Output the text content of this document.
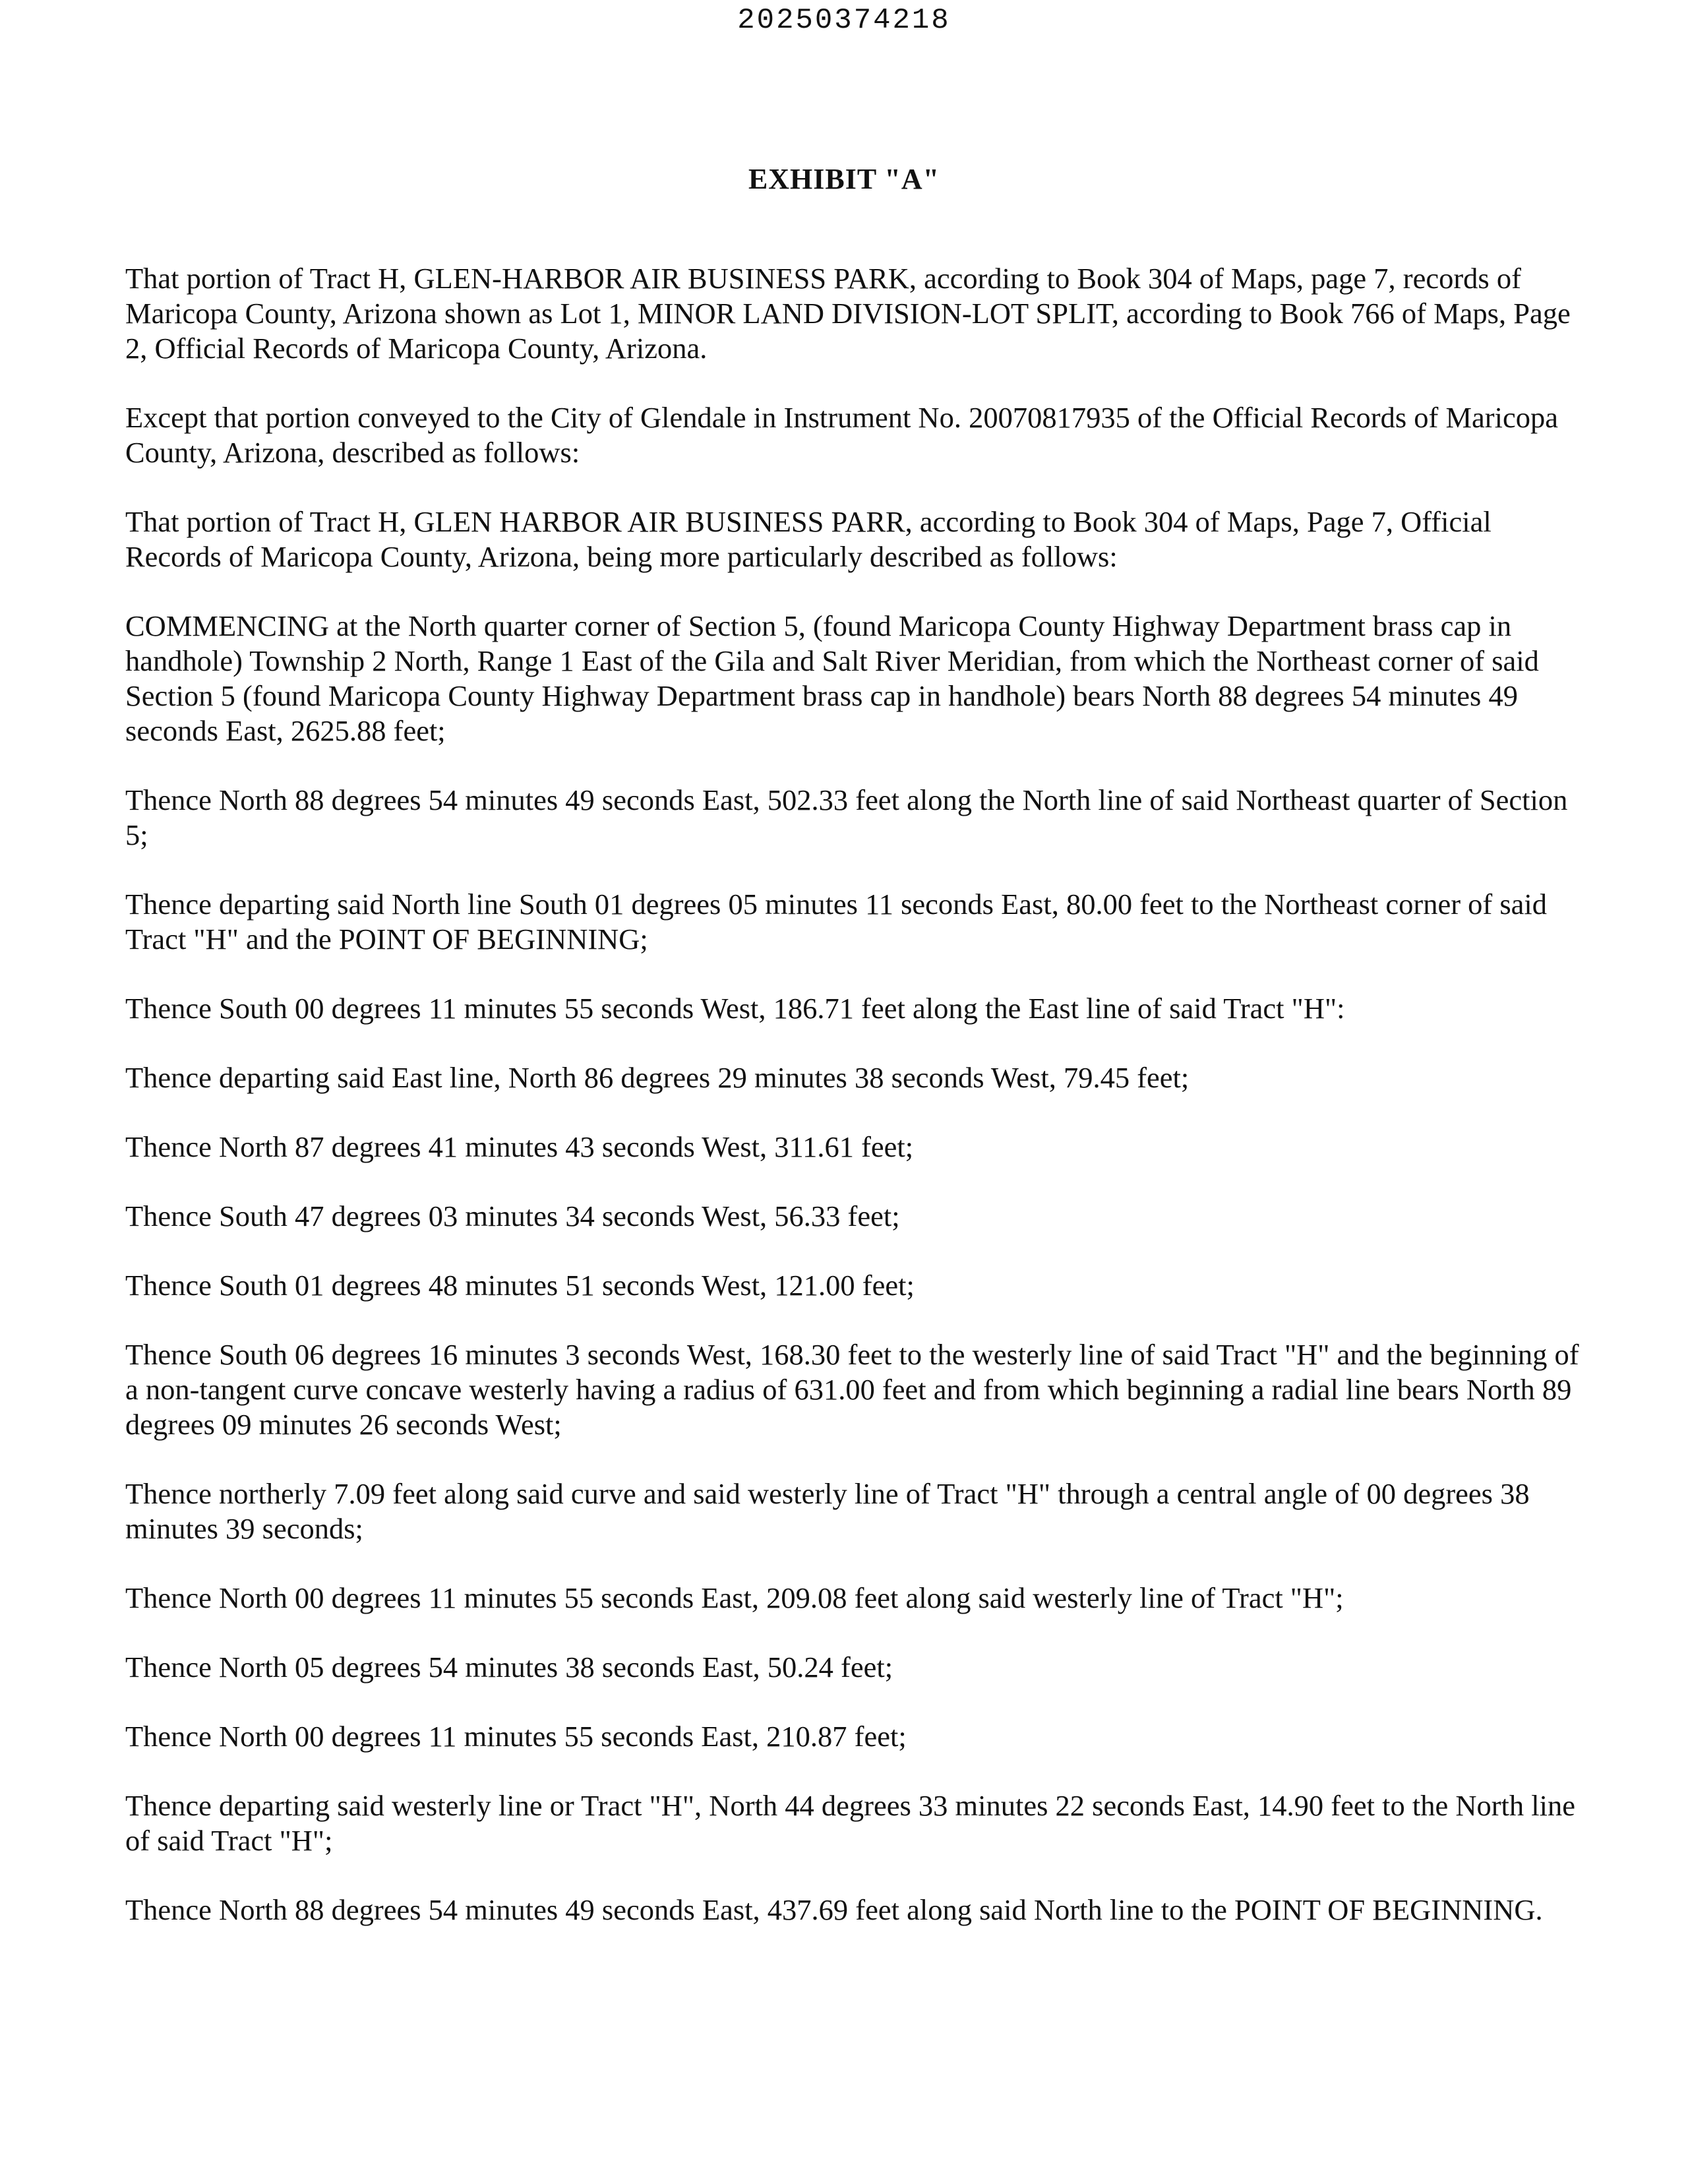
20250374218
EXHIBIT "A"

That portion of Tract H, GLEN-HARBOR AIR BUSINESS PARK, according to Book 304 of Maps, page 7, records of Maricopa County, Arizona shown as Lot 1, MINOR LAND DIVISION-LOT SPLIT, according to Book 766 of Maps, Page 2, Official Records of Maricopa County, Arizona.

Except that portion conveyed to the City of Glendale in Instrument No. 20070817935 of the Official Records of Maricopa County, Arizona, described as follows:

That portion of Tract H, GLEN HARBOR AIR BUSINESS PARR, according to Book 304 of Maps, Page 7, Official Records of Maricopa County, Arizona, being more particularly described as follows:

COMMENCING at the North quarter corner of Section 5, (found Maricopa County Highway Department brass cap in handhole) Township 2 North, Range 1 East of the Gila and Salt River Meridian, from which the Northeast corner of said Section 5 (found Maricopa County Highway Department brass cap in handhole) bears North 88 degrees 54 minutes 49 seconds East, 2625.88 feet;

Thence North 88 degrees 54 minutes 49 seconds East, 502.33 feet along the North line of said Northeast quarter of Section 5;

Thence departing said North line South 01 degrees 05 minutes 11 seconds East, 80.00 feet to the Northeast corner of said Tract "H" and the POINT OF BEGINNING;

Thence South 00 degrees 11 minutes 55 seconds West, 186.71 feet along the East line of said Tract "H":

Thence departing said East line, North 86 degrees 29 minutes 38 seconds West, 79.45 feet;

Thence North 87 degrees 41 minutes 43 seconds West, 311.61 feet;

Thence South 47 degrees 03 minutes 34 seconds West, 56.33 feet;

Thence South 01 degrees 48 minutes 51 seconds West, 121.00 feet;

Thence South 06 degrees 16 minutes 3 seconds West, 168.30 feet to the westerly line of said Tract "H" and the beginning of a non-tangent curve concave westerly having a radius of 631.00 feet and from which beginning a radial line bears North 89 degrees 09 minutes 26 seconds West;

Thence northerly 7.09 feet along said curve and said westerly line of Tract "H" through a central angle of 00 degrees 38 minutes 39 seconds;

Thence North 00 degrees 11 minutes 55 seconds East, 209.08 feet along said westerly line of Tract "H";

Thence North 05 degrees 54 minutes 38 seconds East, 50.24 feet;

Thence North 00 degrees 11 minutes 55 seconds East, 210.87 feet;

Thence departing said westerly line or Tract "H", North 44 degrees 33 minutes 22 seconds East, 14.90 feet to the North line of said Tract "H";

Thence North 88 degrees 54 minutes 49 seconds East, 437.69 feet along said North line to the POINT OF BEGINNING.
